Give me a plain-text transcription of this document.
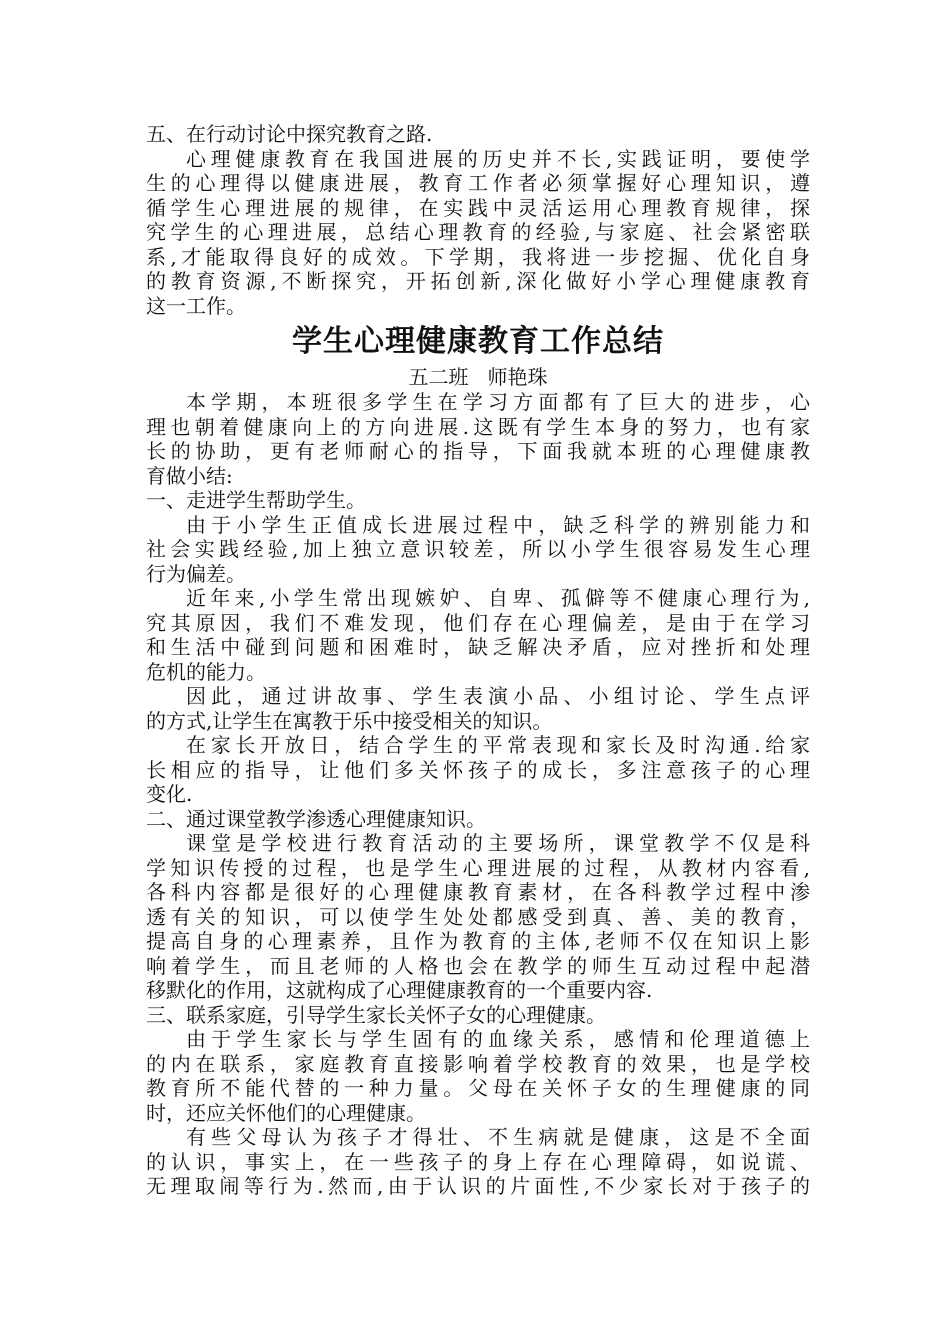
五、在行动讨论中探究教育之路.
心理健康教育在我国进展的历史并不长,实践证明，要使学
生的心理得以健康进展，教育工作者必须掌握好心理知识，遵
循学生心理进展的规律，在实践中灵活运用心理教育规律，探
究学生的心理进展，总结心理教育的经验,与家庭、社会紧密联
系,才能取得良好的成效。下学期，我将进一步挖掘、优化自身
的教育资源,不断探究，开拓创新,深化做好小学心理健康教育
这一工作。
学生心理健康教育工作总结
五二班   师艳珠
本学期，本班很多学生在学习方面都有了巨大的进步，心
理也朝着健康向上的方向进展.这既有学生本身的努力，也有家
长的协助，更有老师耐心的指导，下面我就本班的心理健康教
育做小结:
一、走进学生帮助学生。
由于小学生正值成长进展过程中，缺乏科学的辨别能力和
社会实践经验,加上独立意识较差，所以小学生很容易发生心理
行为偏差。
近年来,小学生常出现嫉妒、自卑、孤僻等不健康心理行为,
究其原因，我们不难发现，他们存在心理偏差，是由于在学习
和生活中碰到问题和困难时，缺乏解决矛盾，应对挫折和处理
危机的能力。
因此，通过讲故事、学生表演小品、小组讨论、学生点评
的方式,让学生在寓教于乐中接受相关的知识。
在家长开放日，结合学生的平常表现和家长及时沟通.给家
长相应的指导，让他们多关怀孩子的成长，多注意孩子的心理
变化.
二、通过课堂教学渗透心理健康知识。
课堂是学校进行教育活动的主要场所，课堂教学不仅是科
学知识传授的过程，也是学生心理进展的过程，从教材内容看,
各科内容都是很好的心理健康教育素材，在各科教学过程中渗
透有关的知识，可以使学生处处都感受到真、善、美的教育，
提高自身的心理素养，且作为教育的主体,老师不仅在知识上影
响着学生，而且老师的人格也会在教学的师生互动过程中起潜
移默化的作用，这就构成了心理健康教育的一个重要内容.
三、联系家庭，引导学生家长关怀子女的心理健康。
由于学生家长与学生固有的血缘关系，感情和伦理道德上
的内在联系，家庭教育直接影响着学校教育的效果，也是学校
教育所不能代替的一种力量。父母在关怀子女的生理健康的同
时，还应关怀他们的心理健康。
有些父母认为孩子才得壮、不生病就是健康，这是不全面
的认识，事实上，在一些孩子的身上存在心理障碍，如说谎、
无理取闹等行为.然而,由于认识的片面性,不少家长对于孩子的
